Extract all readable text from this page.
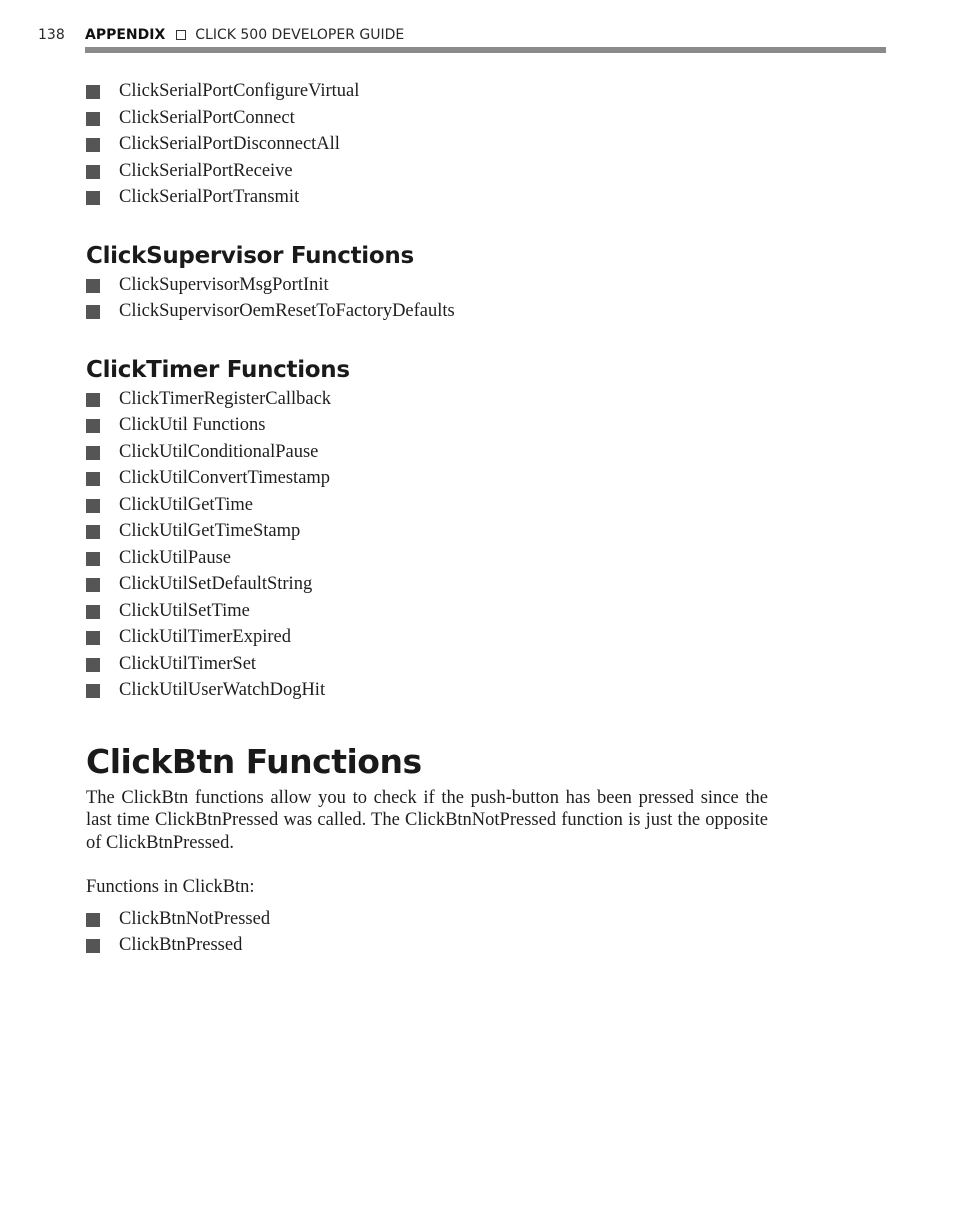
138 APPENDIX CLICK 500 DEVELOPER GUIDE
ClickSerialPortConfigureVirtual
ClickSerialPortConnect
ClickSerialPortDisconnectAll
ClickSerialPortReceive
ClickSerialPortTransmit
ClickSupervisor Functions
ClickSupervisorMsgPortInit
ClickSupervisorOemResetToFactoryDefaults
ClickTimer Functions
ClickTimerRegisterCallback
ClickUtil Functions
ClickUtilConditionalPause
ClickUtilConvertTimestamp
ClickUtilGetTime
ClickUtilGetTimeStamp
ClickUtilPause
ClickUtilSetDefaultString
ClickUtilSetTime
ClickUtilTimerExpired
ClickUtilTimerSet
ClickUtilUserWatchDogHit
ClickBtn Functions

The ClickBtn functions allow you to check if the push-button has been pressed since the last time ClickBtnPressed was called. The ClickBtnNotPressed function is just the opposite of ClickBtnPressed.

Functions in ClickBtn:

ClickBtnNotPressed
ClickBtnPressed
